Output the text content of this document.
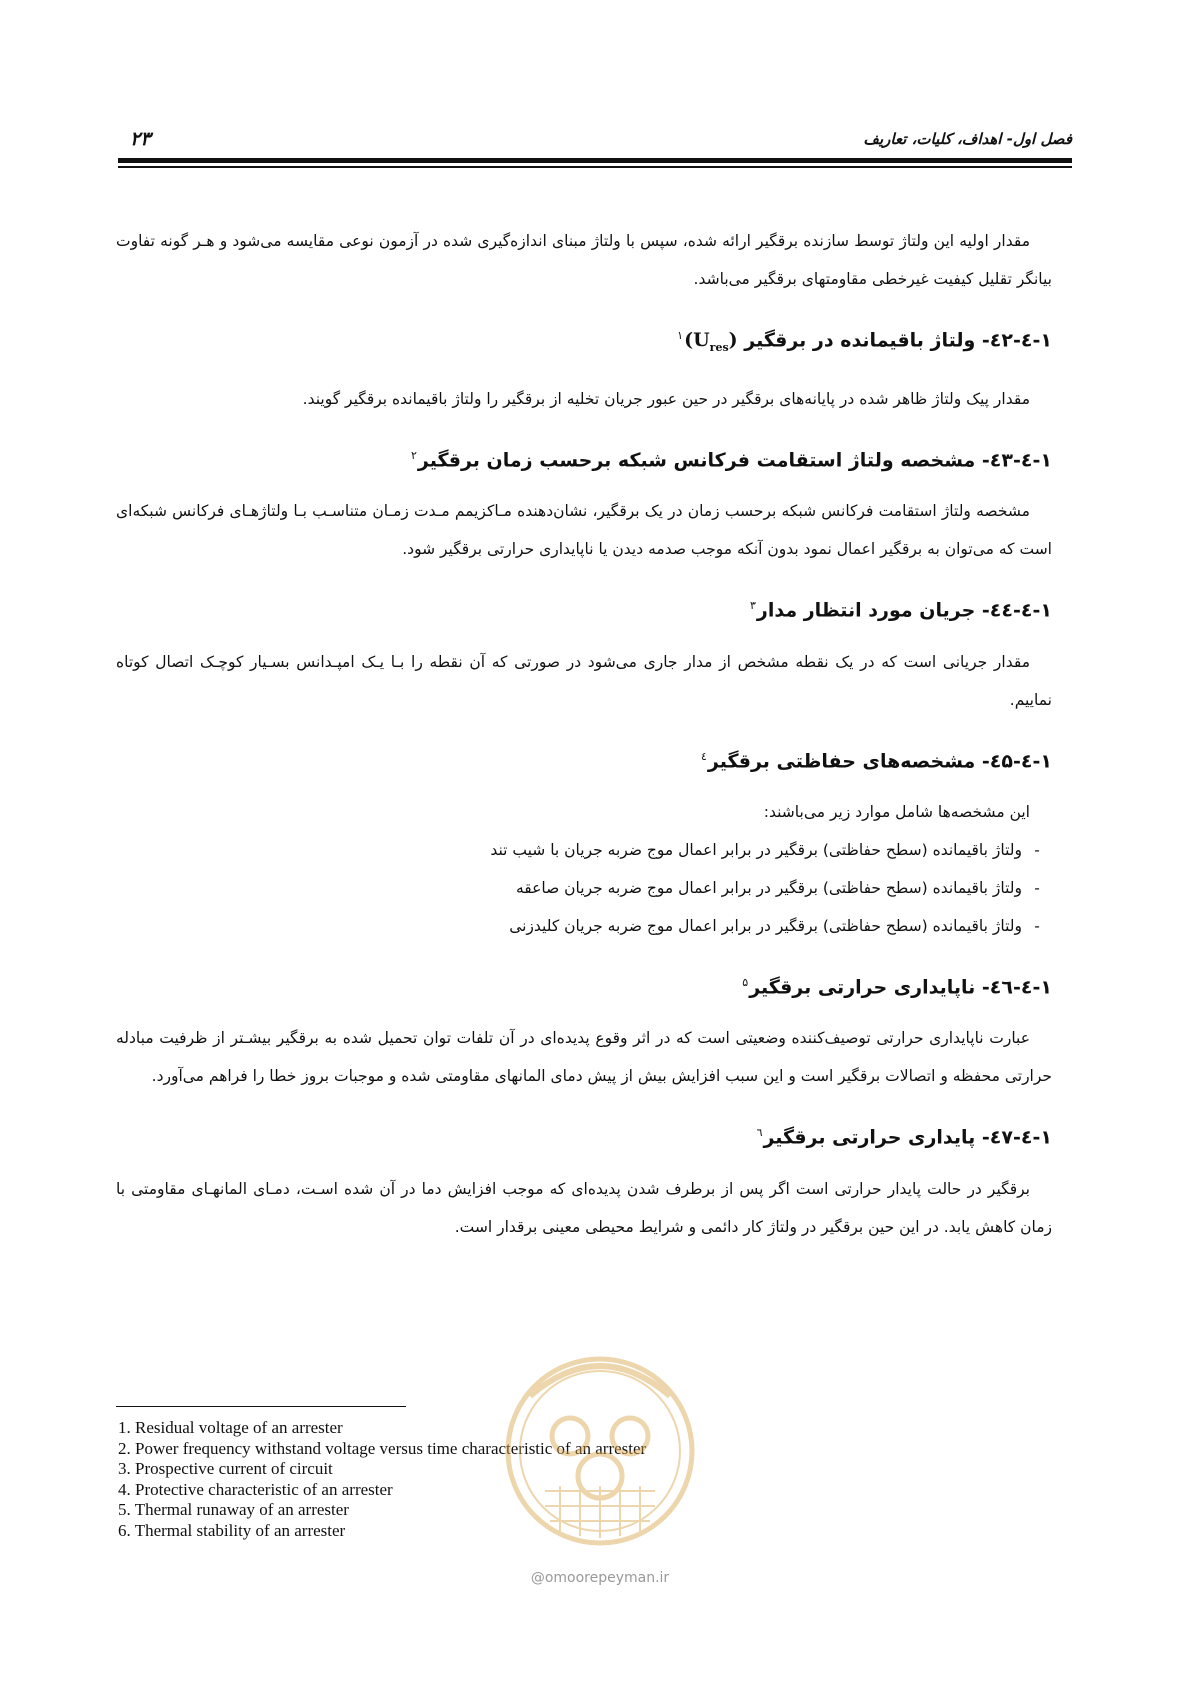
فصل اول- اهداف، کلیات، تعاریف
۲۳

مقدار اولیه این ولتاژ توسط سازنده برقگیر ارائه شده، سپس با ولتاژ مبنای اندازه‌گیری شده در آزمون نوعی مقایسه می‌شود و هـر گونه تفاوت بیانگر تقلیل کیفیت غیرخطی مقاومتهای برقگیر می‌باشد.

۱-٤-٤۲- ولتاژ باقیمانده در برقگیر $(U_{res})^۱$

مقدار پیک ولتاژ ظاهر شده در پایانه‌های برقگیر در حین عبور جریان تخلیه از برقگیر را ولتاژ باقیمانده برقگیر گویند.

۱-٤-٤۳- مشخصه ولتاژ استقامت فرکانس شبکه برحسب زمان برقگیر$^۲$

مشخصه ولتاژ استقامت فرکانس شبکه برحسب زمان در یک برقگیر، نشان‌دهنده مـاکزیمم مـدت زمـان متناسـب بـا ولتاژهـای فرکانس شبکه‌ای است که می‌توان به برقگیر اعمال نمود بدون آنکه موجب صدمه دیدن یا ناپایداری حرارتی برقگیر شود.

۱-٤-٤٤- جریان مورد انتظار مدار$^۳$

مقدار جریانی است که در یک نقطه مشخص از مدار جاری می‌شود در صورتی که آن نقطه را بـا یـک امپـدانس بسـیار کوچـک اتصال کوتاه نماییم.

۱-٤-٤۵- مشخصه‌های حفاظتی برقگیر$^٤$

این مشخصه‌ها شامل موارد زیر می‌باشند:

-ولتاژ باقیمانده (سطح حفاظتی) برقگیر در برابر اعمال موج ضربه جریان با شیب تند
-ولتاژ باقیمانده (سطح حفاظتی) برقگیر در برابر اعمال موج ضربه جریان صاعقه
-ولتاژ باقیمانده (سطح حفاظتی) برقگیر در برابر اعمال موج ضربه جریان کلیدزنی
۱-٤-٤٦- ناپایداری حرارتی برقگیر$^۵$

عبارت ناپایداری حرارتی توصیف‌کننده وضعیتی است که در اثر وقوع پدیده‌ای در آن تلفات توان تحمیل شده به برقگیر بیشـتر از ظرفیت مبادله حرارتی محفظه و اتصالات برقگیر است و این سبب افزایش بیش از پیش دمای المانهای مقاومتی شده و موجبات بروز خطا را فراهم می‌آورد.

۱-٤-٤۷- پایداری حرارتی برقگیر$^٦$

برقگیر در حالت پایدار حرارتی است اگر پس از برطرف شدن پدیده‌ای که موجب افزایش دما در آن شده اسـت، دمـای المانهـای مقاومتی با زمان کاهش یابد. در این حین برقگیر در ولتاژ کار دائمی و شرایط محیطی معینی برقدار است.

1. Residual voltage of an arrester
2. Power frequency withstand voltage versus time characteristic of an arrester
3. Prospective current of circuit
4. Protective characteristic of an arrester
5. Thermal runaway of an arrester
6. Thermal stability of an arrester
@omoorepeyman.ir
